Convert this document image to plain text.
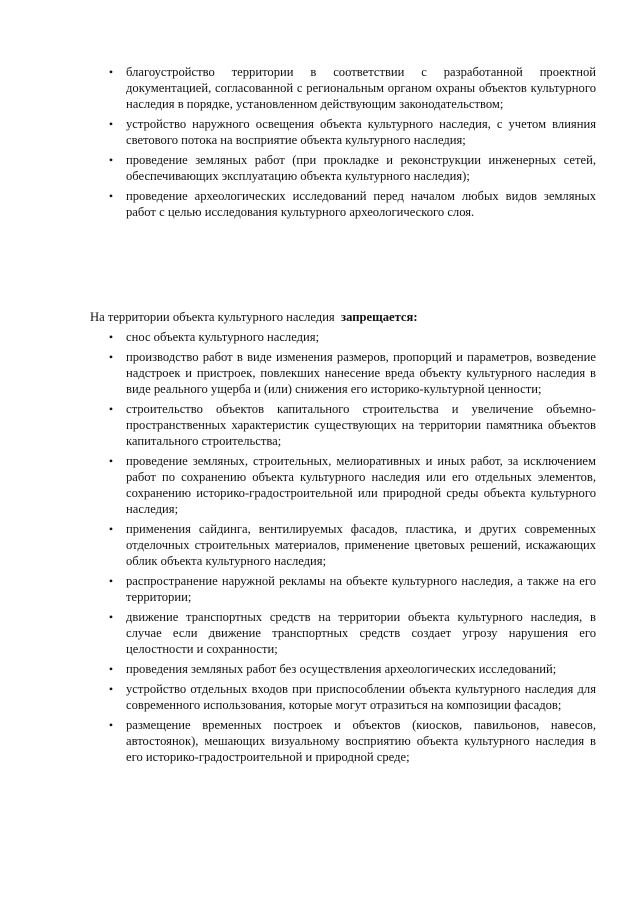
• благоустройство территории в соответствии с разработанной проектной документацией, согласованной с региональным органом охраны объектов культурного наследия в порядке, установленном действующим законодательством;
• устройство наружного освещения объекта культурного наследия, с учетом влияния светового потока на восприятие объекта культурного наследия;
• проведение земляных работ (при прокладке и реконструкции инженерных сетей, обеспечивающих эксплуатацию объекта культурного наследия);
• проведение археологических исследований перед началом любых видов земляных работ с целью исследования культурного археологического слоя.
На территории объекта культурного наследия запрещается:
• снос объекта культурного наследия;
• производство работ в виде изменения размеров, пропорций и параметров, возведение надстроек и пристроек, повлекших нанесение вреда объекту культурного наследия в виде реального ущерба и (или) снижения его историко-культурной ценности;
• строительство объектов капитального строительства и увеличение объемно-пространственных характеристик существующих на территории памятника объектов капитального строительства;
• проведение земляных, строительных, мелиоративных и иных работ, за исключением работ по сохранению объекта культурного наследия или его отдельных элементов, сохранению историко-градостроительной или природной среды объекта культурного наследия;
• применения сайдинга, вентилируемых фасадов, пластика, и других современных отделочных строительных материалов, применение цветовых решений, искажающих облик объекта культурного наследия;
• распространение наружной рекламы на объекте культурного наследия, а также на его территории;
• движение транспортных средств на территории объекта культурного наследия, в случае если движение транспортных средств создает угрозу нарушения его целостности и сохранности;
• проведения земляных работ без осуществления археологических исследований;
• устройство отдельных входов при приспособлении объекта культурного наследия для современного использования, которые могут отразиться на композиции фасадов;
• размещение временных построек и объектов (киосков, павильонов, навесов, автостоянок), мешающих визуальному восприятию объекта культурного наследия в его историко-градостроительной и природной среде;
